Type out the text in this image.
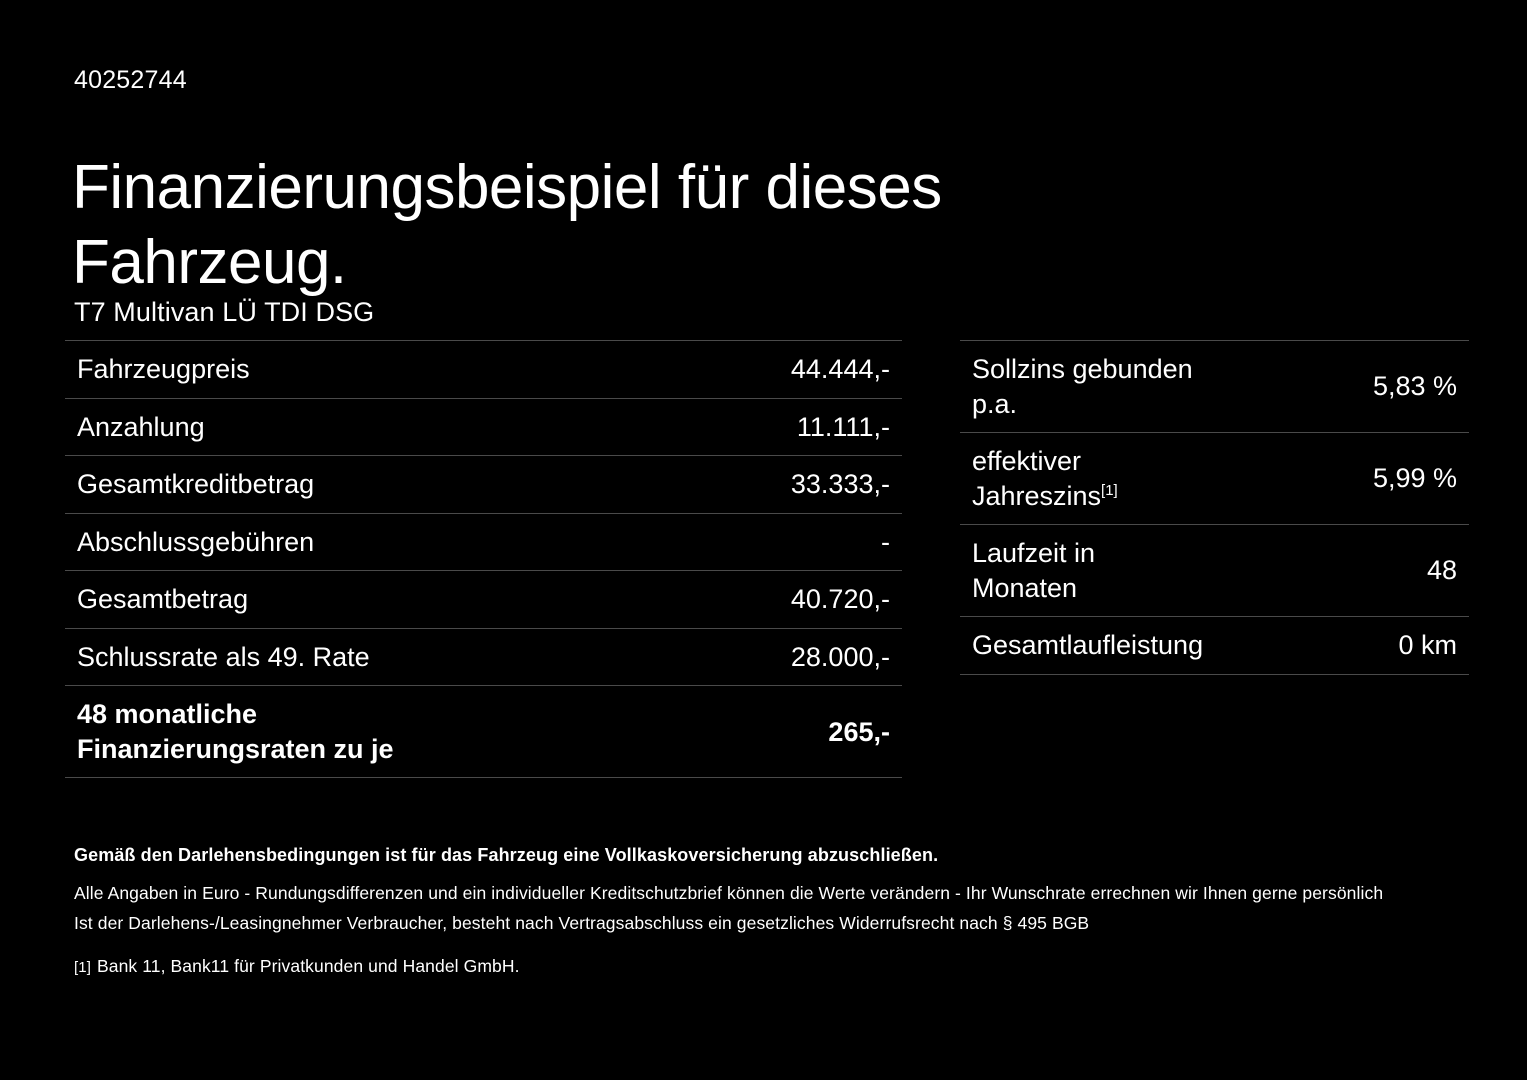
40252744
Finanzierungsbeispiel für dieses Fahrzeug.
T7 Multivan LÜ TDI DSG
Fahrzeugpreis	44.444,-
Anzahlung	11.111,-
Gesamtkreditbetrag	33.333,-
Abschlussgebühren	-
Gesamtbetrag	40.720,-
Schlussrate als 49. Rate	28.000,-
48 monatliche Finanzierungsraten zu je	265,-
Sollzins gebunden p.a.	5,83 %
effektiver Jahreszins[1]	5,99 %
Laufzeit in Monaten	48
Gesamtlaufleistung	0 km
Gemäß den Darlehensbedingungen ist für das Fahrzeug eine Vollkaskoversicherung abzuschließen.
Alle Angaben in Euro - Rundungsdifferenzen und ein individueller Kreditschutzbrief können die Werte verändern - Ihr Wunschrate errechnen wir Ihnen gerne persönlich
Ist der Darlehens-/Leasingnehmer Verbraucher, besteht nach Vertragsabschluss ein gesetzliches Widerrufsrecht nach § 495 BGB
[1] Bank 11, Bank11 für Privatkunden und Handel GmbH.
